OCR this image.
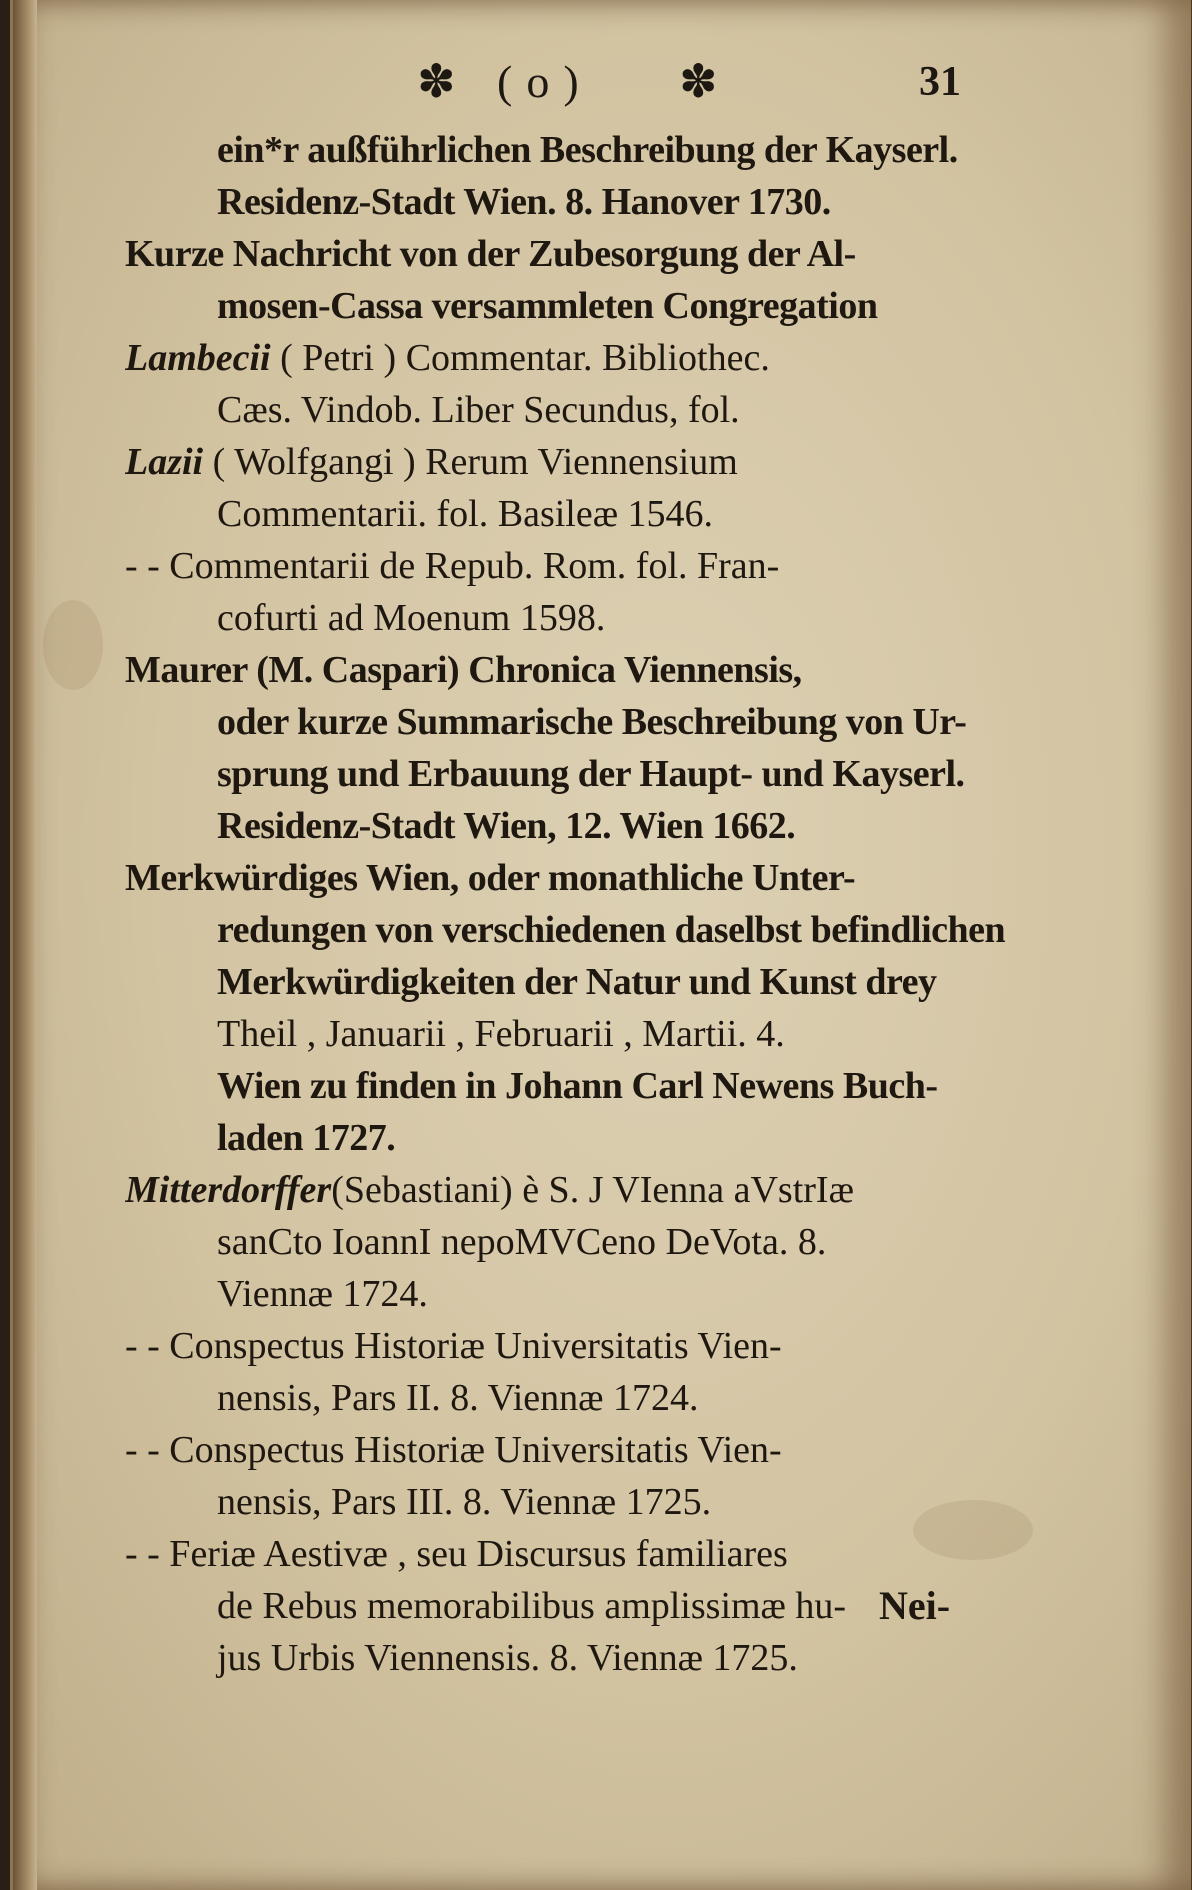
✽ (o) ✽	31
ein*r außführlichen Beschreibung der Kayserl.
Residenz-Stadt Wien. 8. Hanover 1730.
Kurze Nachricht von der Zubesorgung der Al-
mosen-Cassa versammleten Congregation
Lambecii ( Petri ) Commentar. Bibliothec.
Cæs. Vindob. Liber Secundus, fol.
Lazii ( Wolfgangi ) Rerum Viennensium
Commentarii. fol. Basileæ 1546.
- - Commentarii de Repub. Rom. fol. Fran-
cofurti ad Moenum 1598.
Maurer (M. Caspari) Chronica Viennensis,
oder kurze Summarische Beschreibung von Ur-
sprung und Erbauung der Haupt- und Kayserl.
Residenz-Stadt Wien, 12. Wien 1662.
Merkwürdiges Wien, oder monathliche Unter-
redungen von verschiedenen daselbst befindlichen
Merkwürdigkeiten der Natur und Kunst drey
Theil , Januarii , Februarii , Martii. 4.
Wien zu finden in Johann Carl Newens Buch-
laden 1727.
Mitterdorffer(Sebastiani) è S. J VIenna aVstrIæ
sanCto IoannI nepoMVCeno DeVota. 8.
Viennæ 1724.
- - Conspectus Historiæ Universitatis Vien-
nensis, Pars II. 8. Viennæ 1724.
- - Conspectus Historiæ Universitatis Vien-
nensis, Pars III. 8. Viennæ 1725.
- - Feriæ Aestivæ , seu Discursus familiares
de Rebus memorabilibus amplissimæ hu-
jus Urbis Viennensis. 8. Viennæ 1725.
Nei-
